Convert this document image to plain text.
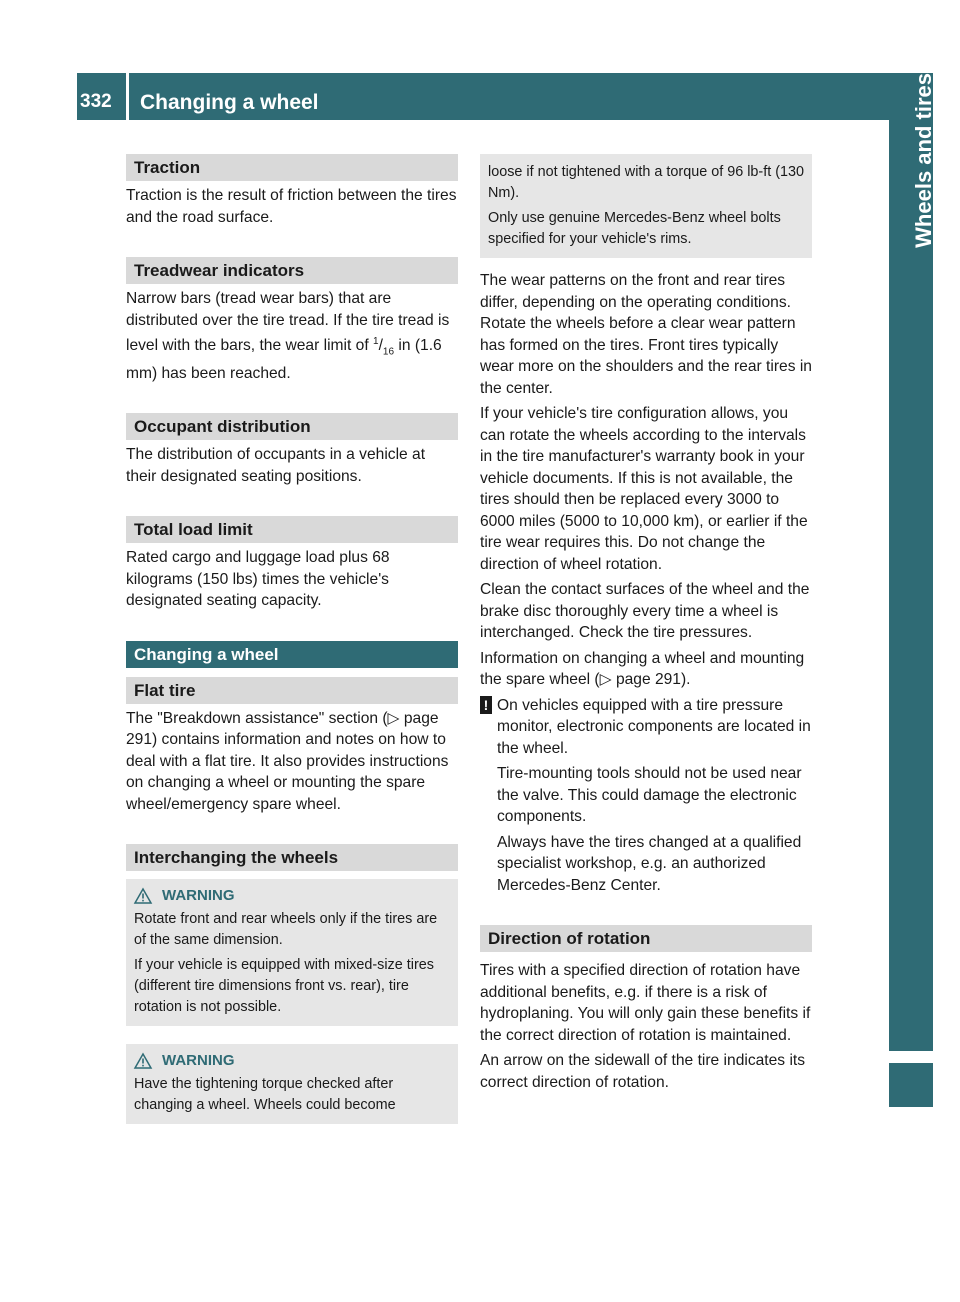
332 Changing a wheel	Wheels and tires
Traction

Traction is the result of friction between the tires and the road surface.

Treadwear indicators

Narrow bars (tread wear bars) that are distributed over the tire tread. If the tire tread is level with the bars, the wear limit of $^1/_{16}$ in (1.6 mm) has been reached.

Occupant distribution

The distribution of occupants in a vehicle at their designated seating positions.

Total load limit

Rated cargo and luggage load plus 68 kilograms (150 lbs) times the vehicle's designated seating capacity.

Changing a wheel
Flat tire

The "Breakdown assistance" section (▷ page 291) contains information and notes on how to deal with a flat tire. It also provides instructions on changing a wheel or mounting the spare wheel/emergency spare wheel.

Interchanging the wheels
WARNING

Rotate front and rear wheels only if the tires are of the same dimension.

If your vehicle is equipped with mixed-size tires (different tire dimensions front vs. rear), tire rotation is not possible.

WARNING

Have the tightening torque checked after changing a wheel. Wheels could become

loose if not tightened with a torque of 96 lb-ft (130 Nm).

Only use genuine Mercedes-Benz wheel bolts specified for your vehicle's rims.

The wear patterns on the front and rear tires differ, depending on the operating conditions. Rotate the wheels before a clear wear pattern has formed on the tires. Front tires typically wear more on the shoulders and the rear tires in the center.

If your vehicle's tire configuration allows, you can rotate the wheels according to the intervals in the tire manufacturer's warranty book in your vehicle documents. If this is not available, the tires should then be replaced every 3000 to 6000 miles (5000 to 10,000 km), or earlier if the tire wear requires this. Do not change the direction of wheel rotation.

Clean the contact surfaces of the wheel and the brake disc thoroughly every time a wheel is interchanged. Check the tire pressures.

Information on changing a wheel and mounting the spare wheel (▷ page 291).

! On vehicles equipped with a tire pressure monitor, electronic components are located in the wheel.

Tire-mounting tools should not be used near the valve. This could damage the electronic components.

Always have the tires changed at a qualified specialist workshop, e.g. an authorized Mercedes-Benz Center.

Direction of rotation

Tires with a specified direction of rotation have additional benefits, e.g. if there is a risk of hydroplaning. You will only gain these benefits if the correct direction of rotation is maintained.

An arrow on the sidewall of the tire indicates its correct direction of rotation.
